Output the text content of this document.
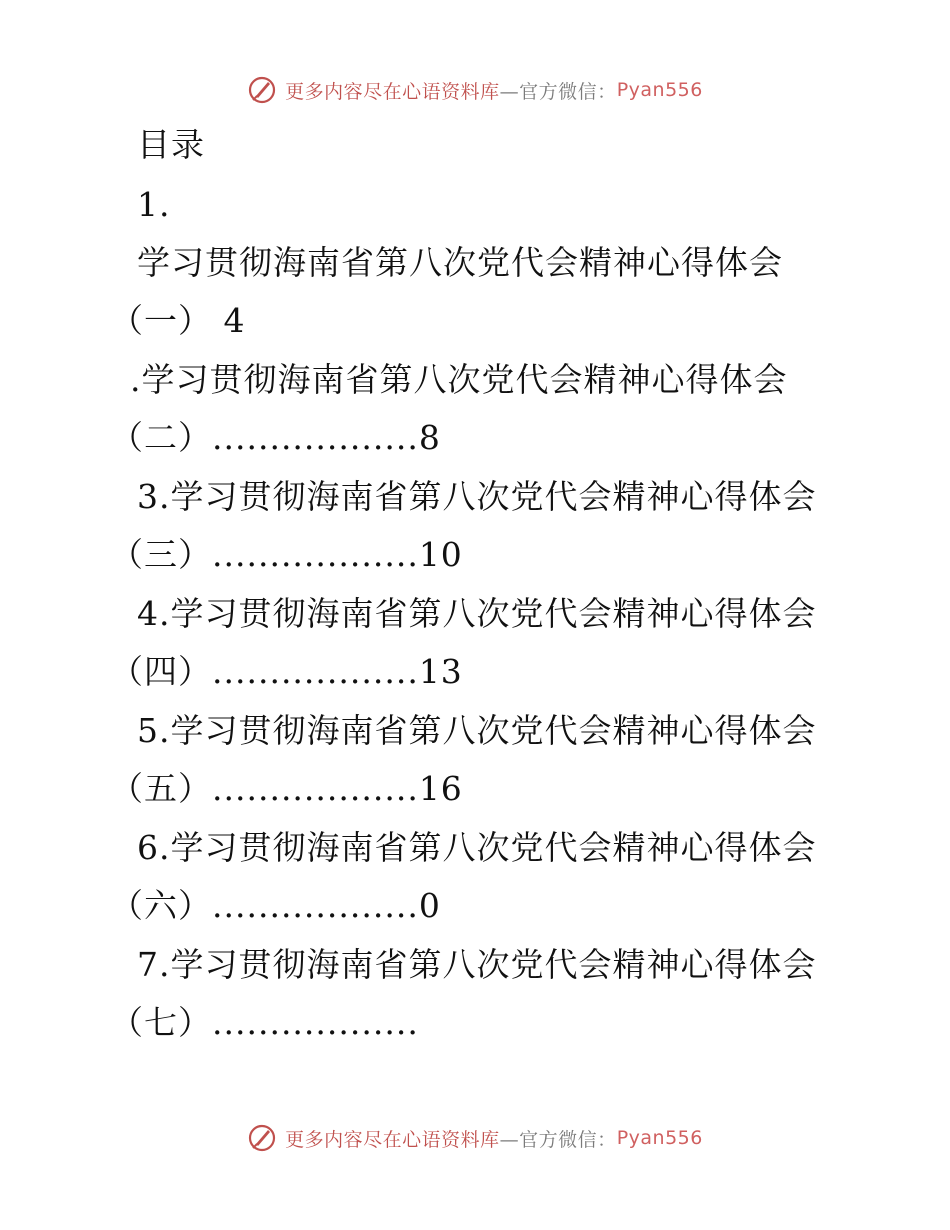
更多内容尽在心语资料库 —官方微信： Pyan556
目录
1.
学习贯彻海南省第八次党代会精神心得体会
（一） 4
.学习贯彻海南省第八次党代会精神心得体会
（二）..................8
3.学习贯彻海南省第八次党代会精神心得体会
（三）..................10
4.学习贯彻海南省第八次党代会精神心得体会
（四）..................13
5.学习贯彻海南省第八次党代会精神心得体会
（五）..................16
6.学习贯彻海南省第八次党代会精神心得体会
（六）..................0
7.学习贯彻海南省第八次党代会精神心得体会
（七）..................
更多内容尽在心语资料库 —官方微信： Pyan556
